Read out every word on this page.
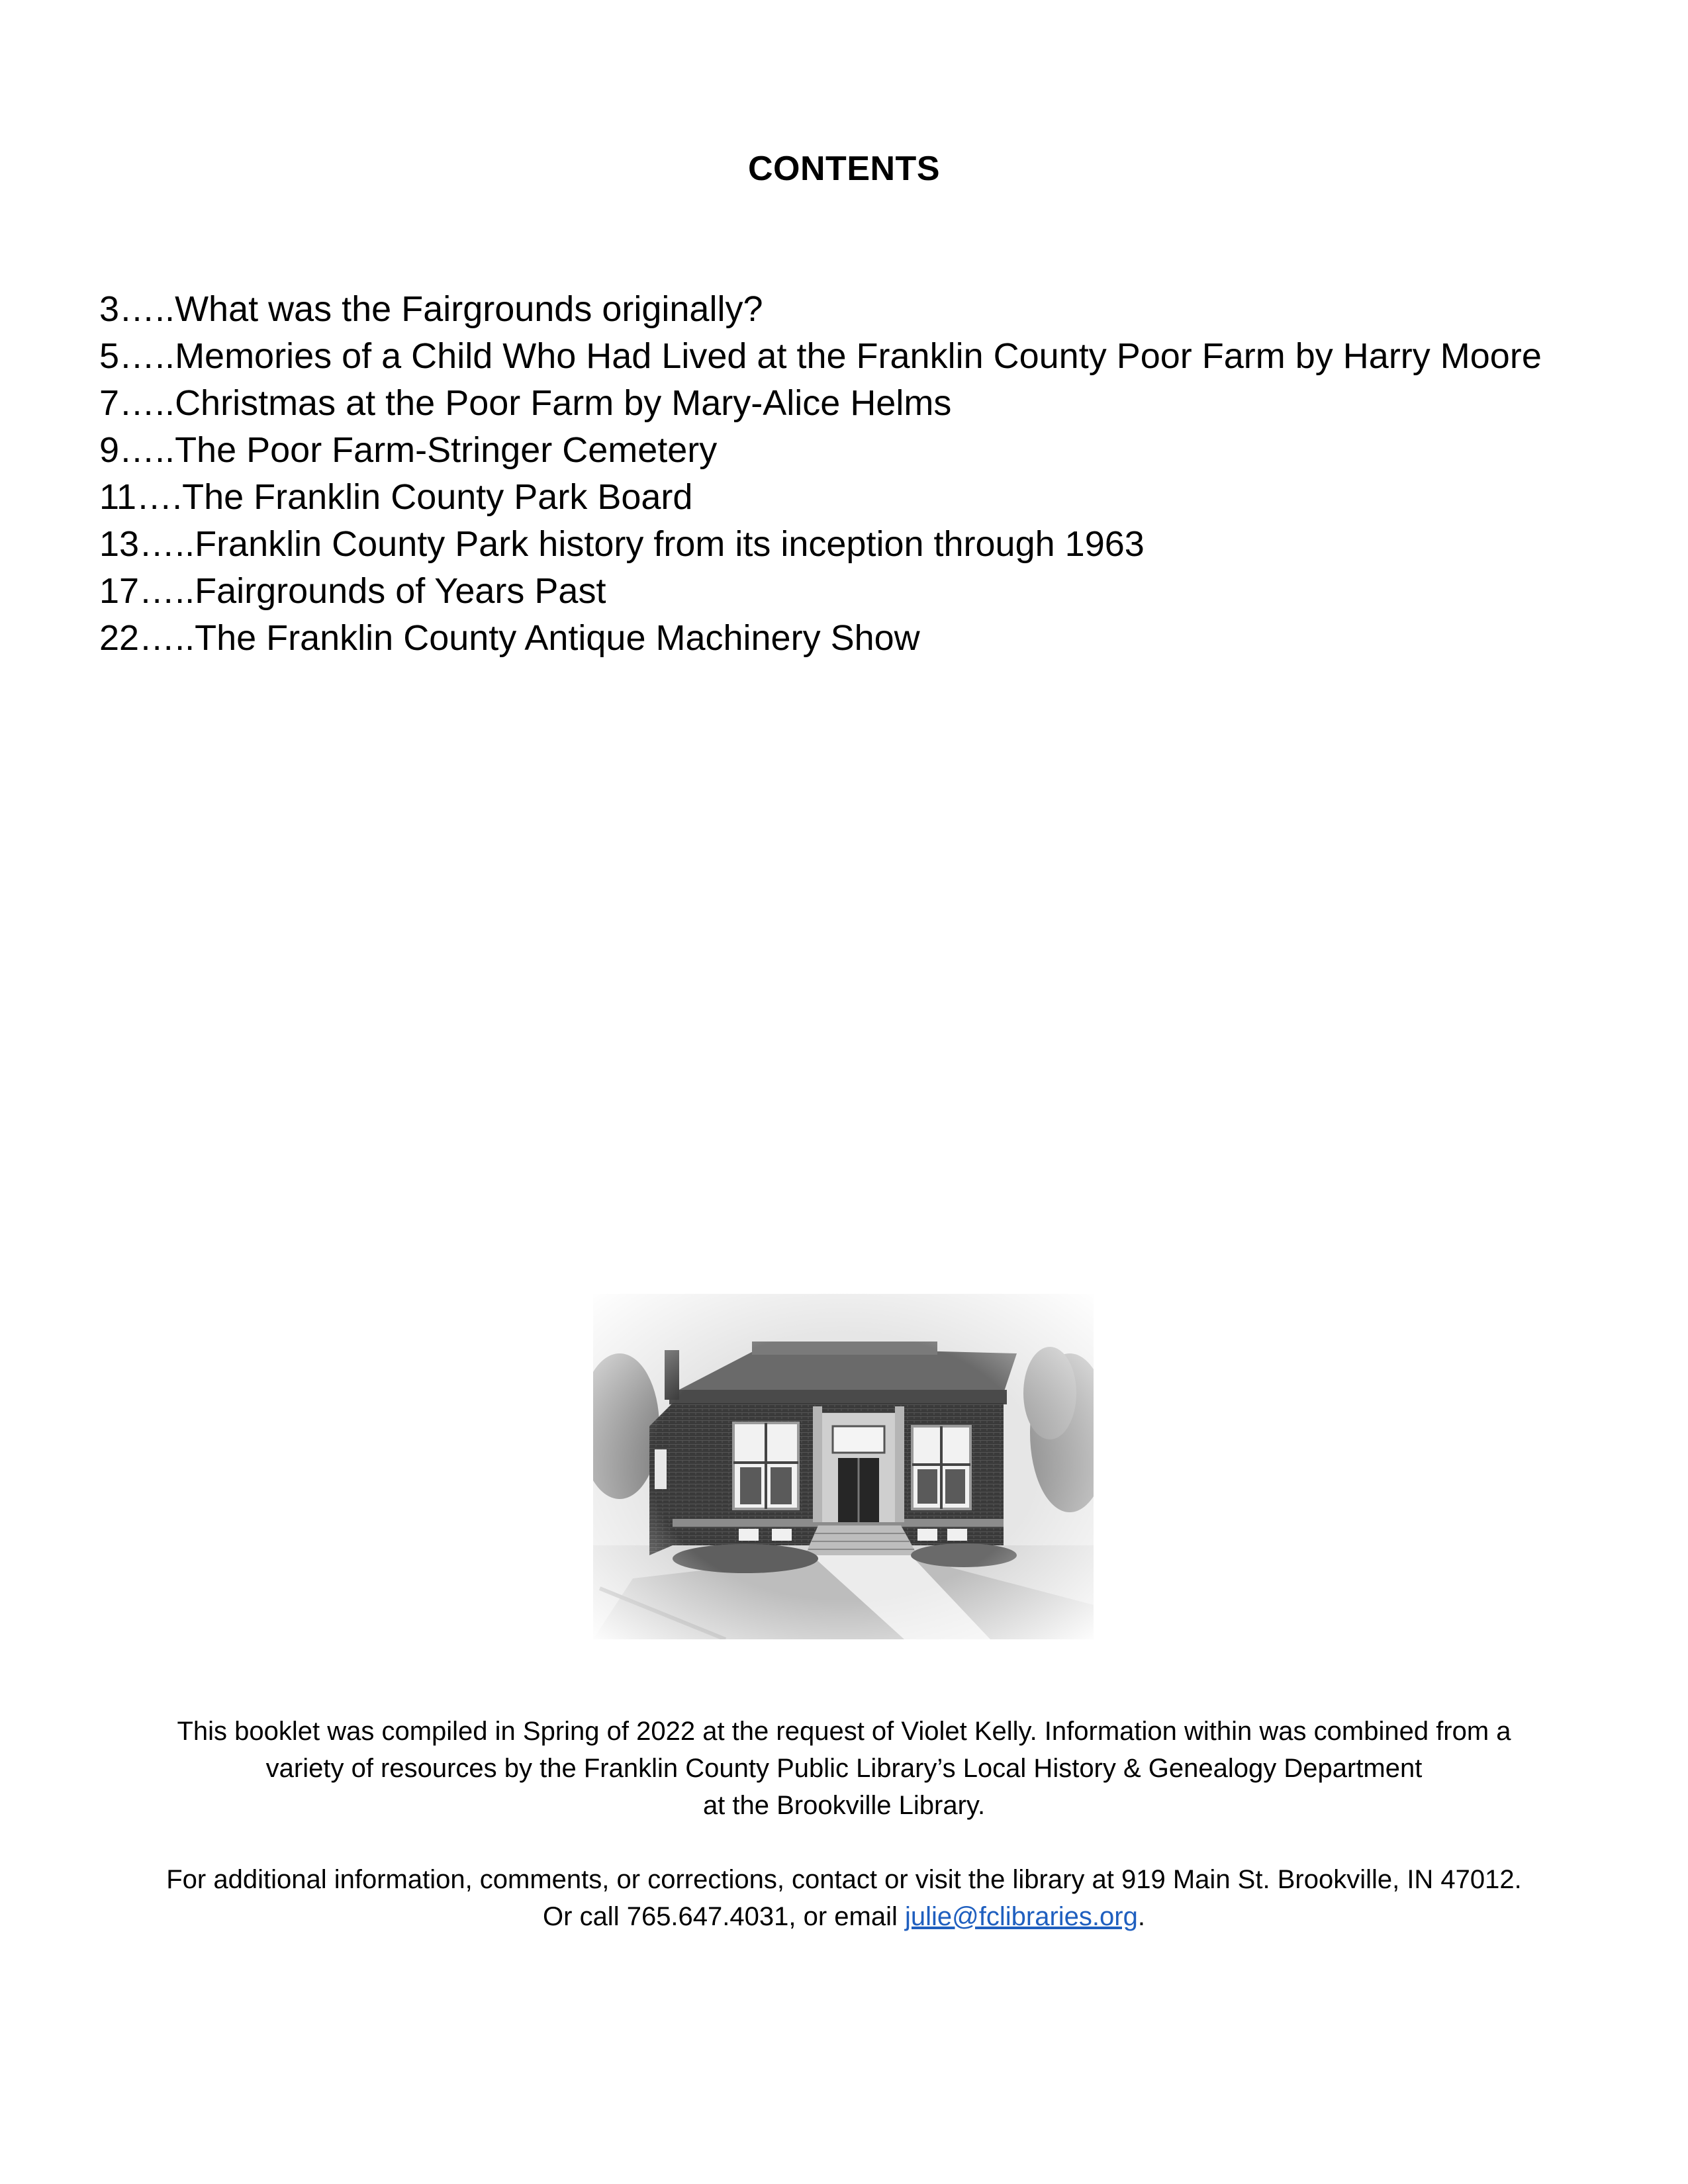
CONTENTS
3…..What was the Fairgrounds originally?
5…..Memories of a Child Who Had Lived at the Franklin County Poor Farm by Harry Moore
7…..Christmas at the Poor Farm by Mary-Alice Helms
9…..The Poor Farm-Stringer Cemetery
11….The Franklin County Park Board
13…..Franklin County Park history from its inception through 1963
17…..Fairgrounds of Years Past
22…..The Franklin County Antique Machinery Show

This booklet was compiled in Spring of 2022 at the request of Violet Kelly. Information within was combined from a

variety of resources by the Franklin County Public Library’s Local History & Genealogy Department

at the Brookville Library.

For additional information, comments, or corrections, contact or visit the library at 919 Main St. Brookville, IN 47012.

Or call 765.647.4031, or email julie@fclibraries.org.
